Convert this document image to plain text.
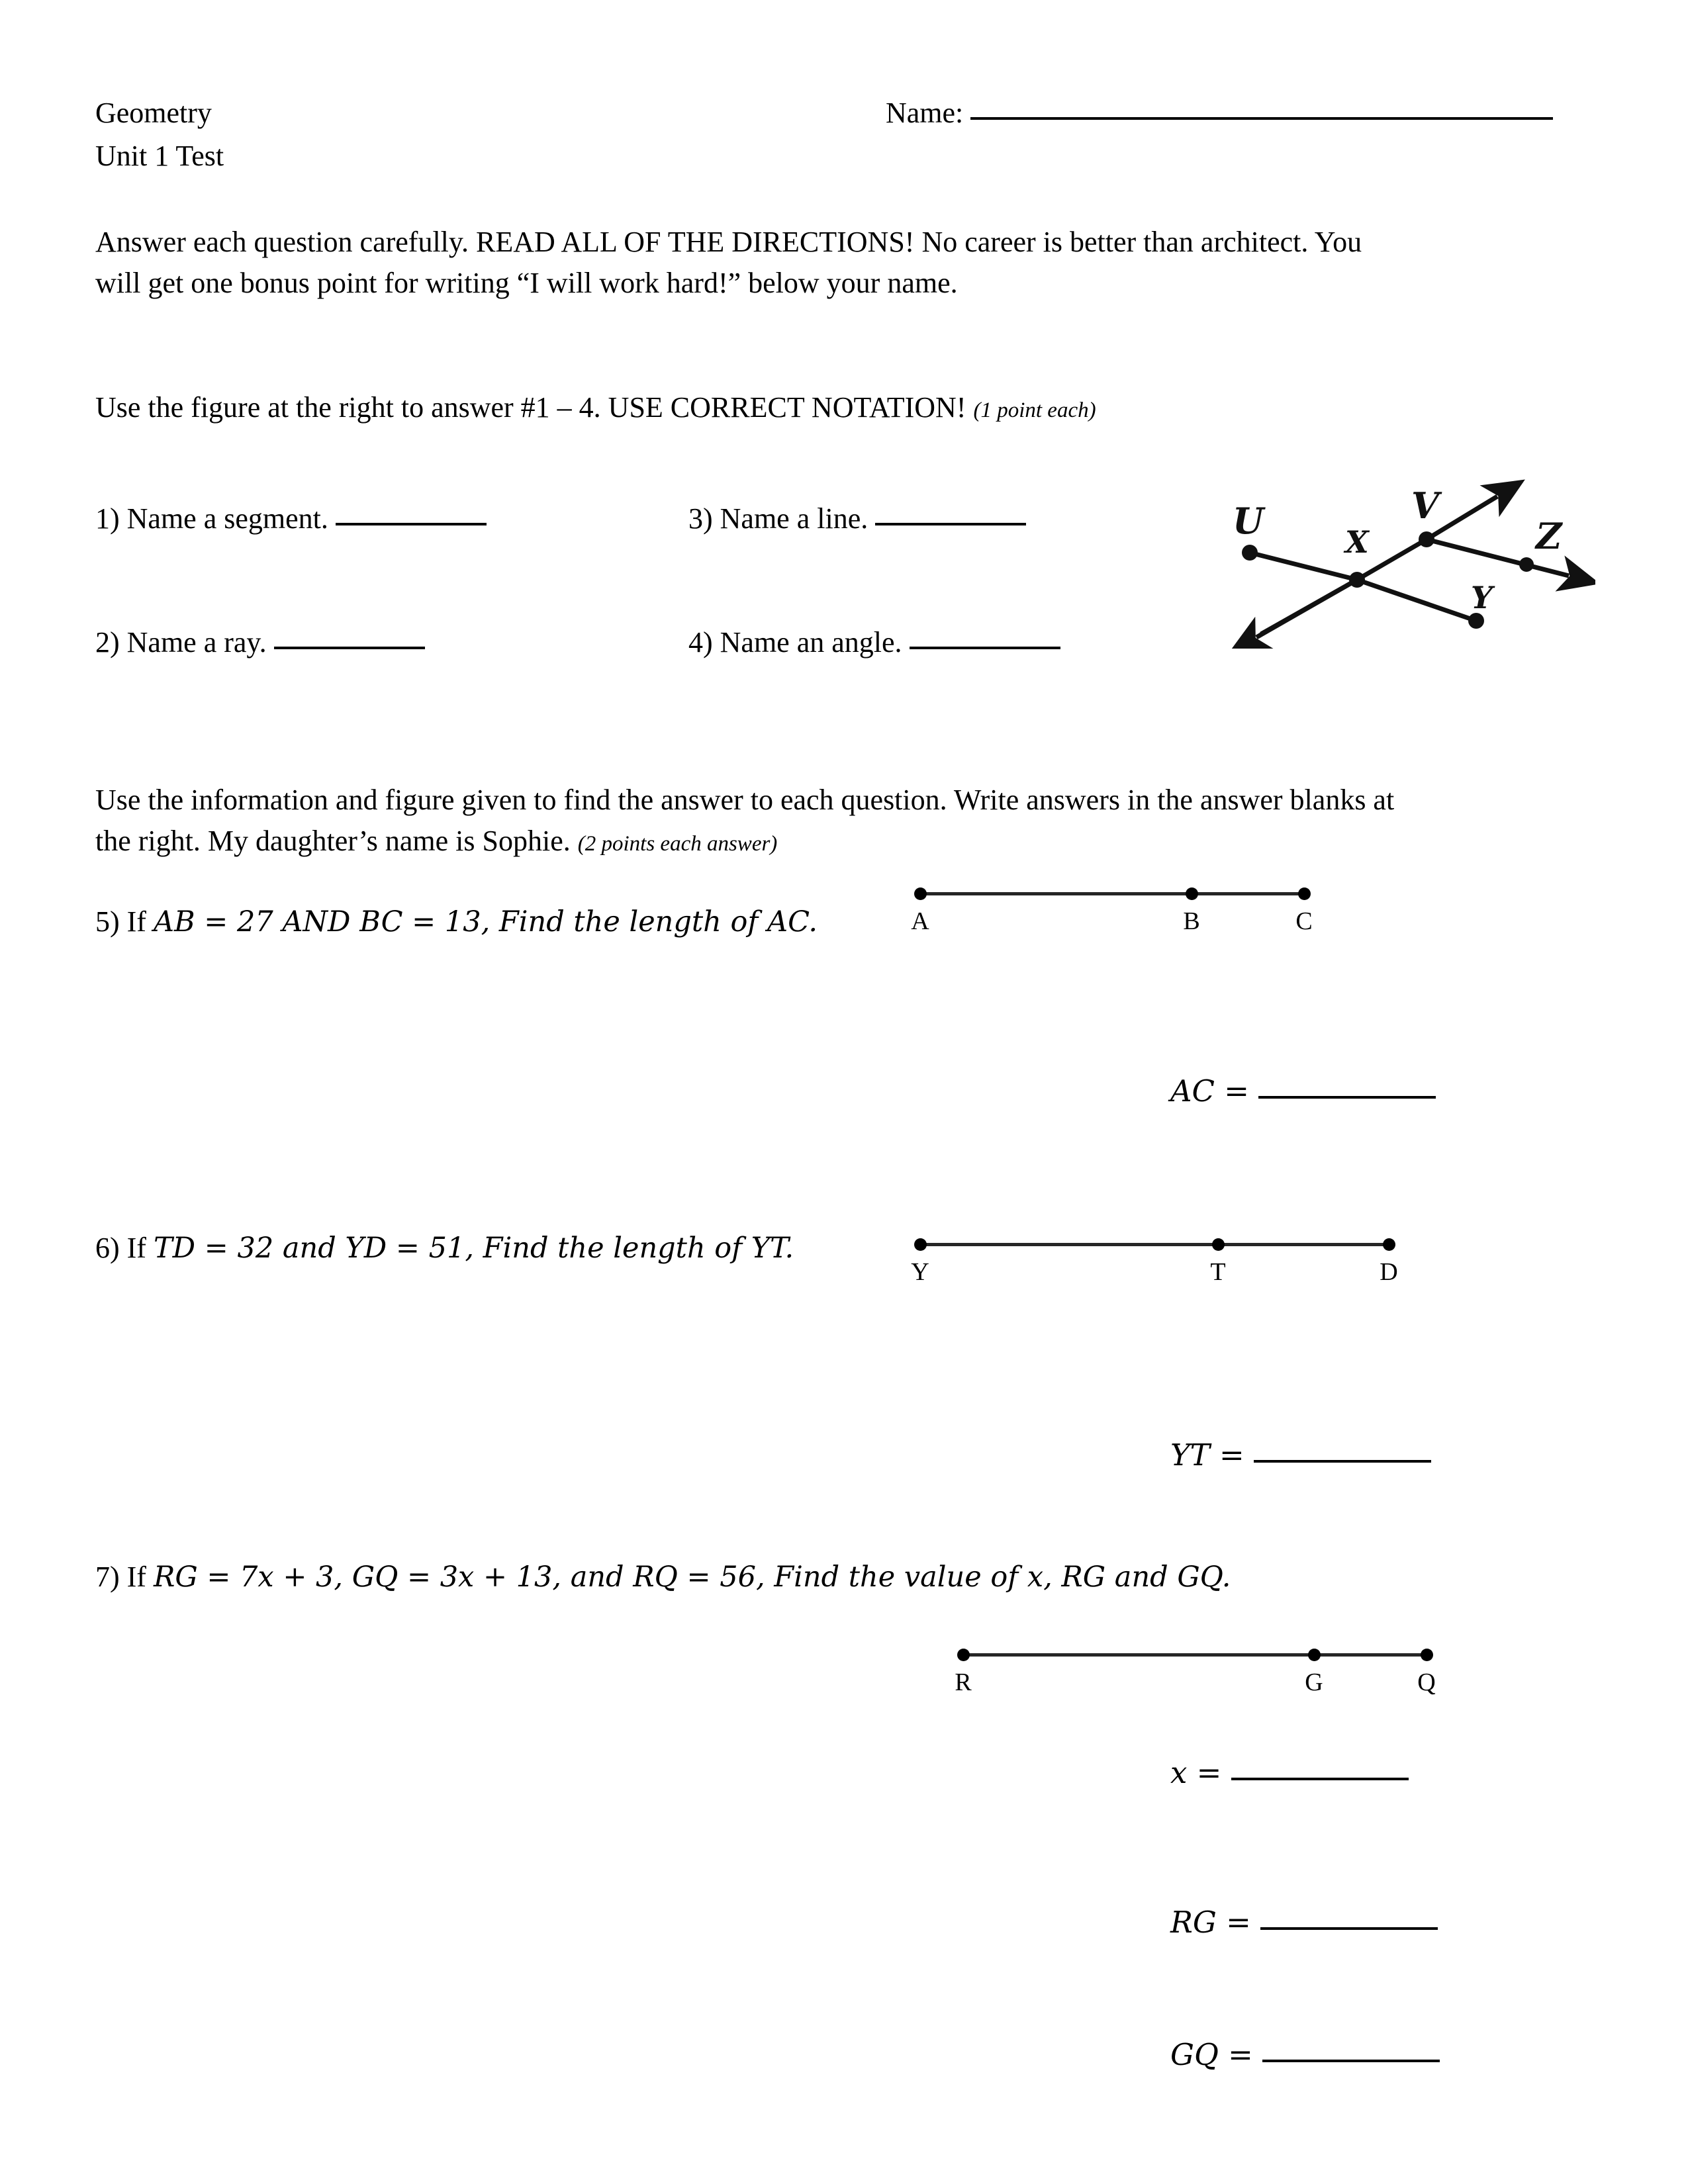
Geometry
Unit 1 Test
Name:
Answer each question carefully. READ ALL OF THE DIRECTIONS! No career is better than architect. You
will get one bonus point for writing “I will work hard!” below your name.
Use the figure at the right to answer #1 – 4. USE CORRECT NOTATION! (1 point each)
1) Name a segment.	3) Name a line.
2) Name a ray.	4) Name an angle.
U	X
V
Z
Y
Use the information and figure given to find the answer to each question. Write answers in the answer blanks at
the right. My daughter’s name is Sophie. (2 points each answer)
5) If AB = 27 AND BC = 13, Find the length of AC.	A	B	C
AC =
6) If TD = 32 and YD = 51, Find the length of YT.
Y	T	D
YT =
7) If RG = 7x + 3, GQ = 3x + 13, and RQ = 56, Find the value of x, RG and GQ.
R	G	Q
x =
RG =
GQ =
